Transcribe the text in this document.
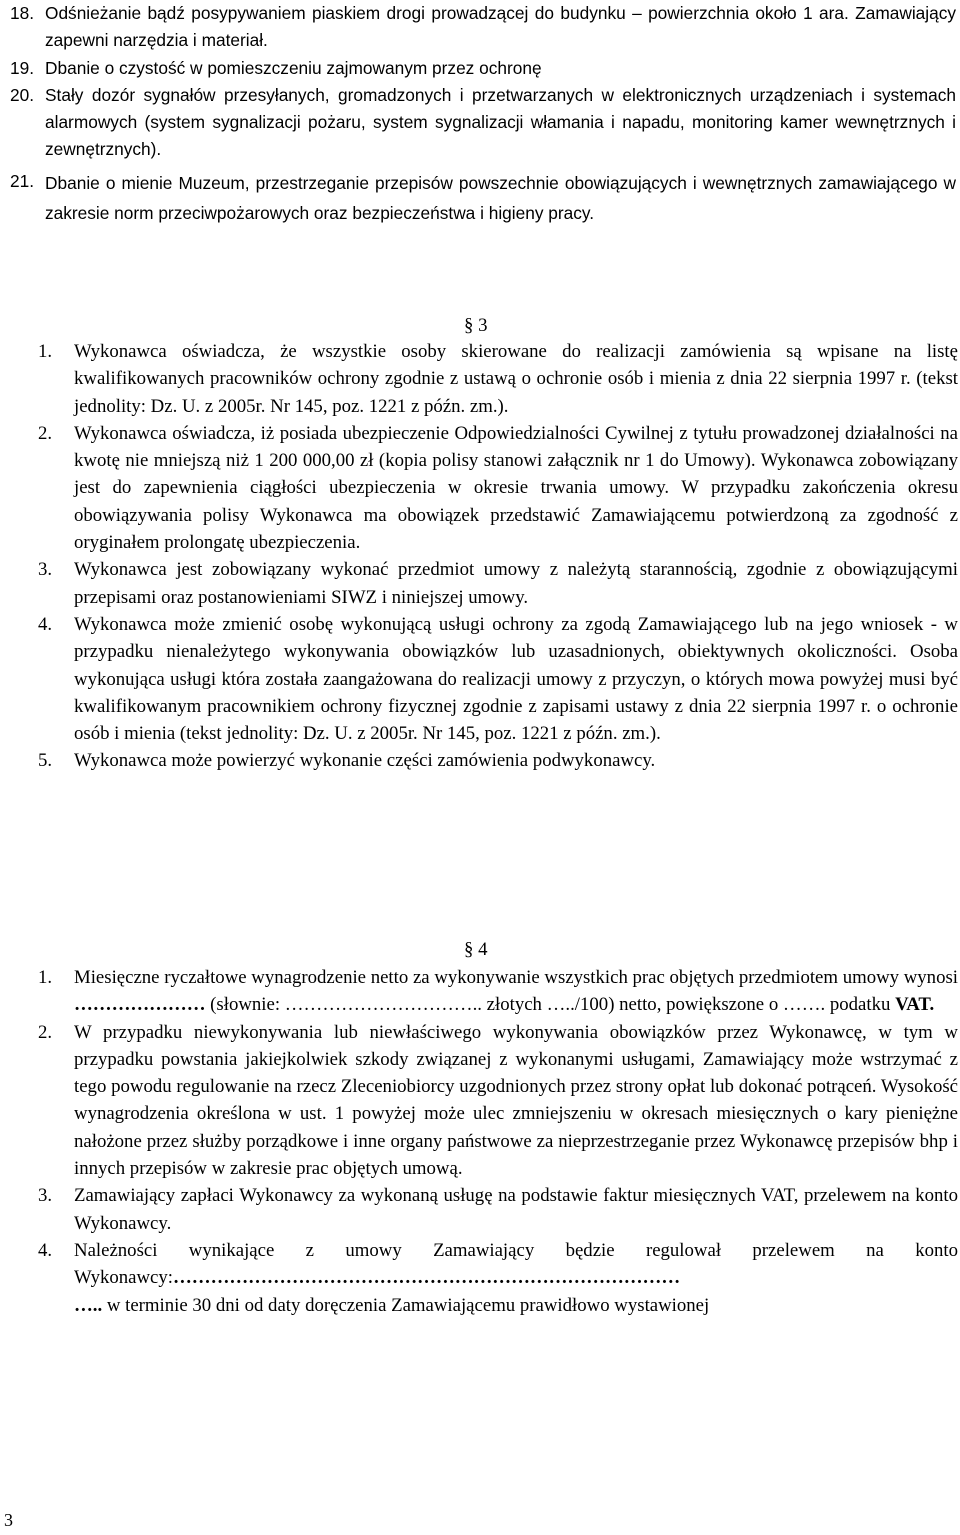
18. Odśnieżanie bądź posypywaniem piaskiem drogi prowadzącej do budynku – powierzchnia około 1 ara. Zamawiający zapewni narzędzia i materiał.
19. Dbanie o czystość w pomieszczeniu zajmowanym przez ochronę
20. Stały dozór sygnałów przesyłanych, gromadzonych i przetwarzanych w elektronicznych urządzeniach i systemach alarmowych (system sygnalizacji pożaru, system sygnalizacji włamania i napadu, monitoring kamer wewnętrznych i zewnętrznych).
21. Dbanie o mienie Muzeum, przestrzeganie przepisów powszechnie obowiązujących i wewnętrznych zamawiającego w zakresie norm przeciwpożarowych oraz bezpieczeństwa i higieny pracy.
§ 3
1. Wykonawca oświadcza, że wszystkie osoby skierowane do realizacji zamówienia są wpisane na listę kwalifikowanych pracowników ochrony zgodnie z ustawą o ochronie osób i mienia z dnia 22 sierpnia 1997 r. (tekst jednolity: Dz. U. z 2005r. Nr 145, poz. 1221 z późn. zm.).
2. Wykonawca oświadcza, iż posiada ubezpieczenie Odpowiedzialności Cywilnej z tytułu prowadzonej działalności na kwotę nie mniejszą niż 1 200 000,00 zł (kopia polisy stanowi załącznik nr 1 do Umowy). Wykonawca zobowiązany jest do zapewnienia ciągłości ubezpieczenia w okresie trwania umowy. W przypadku zakończenia okresu obowiązywania polisy Wykonawca ma obowiązek przedstawić Zamawiającemu potwierdzoną za zgodność z oryginałem prolongatę ubezpieczenia.
3. Wykonawca jest zobowiązany wykonać przedmiot umowy z należytą starannością, zgodnie z obowiązującymi przepisami oraz postanowieniami SIWZ i niniejszej umowy.
4. Wykonawca może zmienić osobę wykonującą usługi ochrony za zgodą Zamawiającego lub na jego wniosek - w przypadku nienależytego wykonywania obowiązków lub uzasadnionych, obiektywnych okoliczności. Osoba wykonująca usługi która została zaangażowana do realizacji umowy z przyczyn, o których mowa powyżej musi być kwalifikowanym pracownikiem ochrony fizycznej zgodnie z zapisami ustawy z dnia 22 sierpnia 1997 r. o ochronie osób i mienia (tekst jednolity: Dz. U. z 2005r. Nr 145, poz. 1221 z późn. zm.).
5. Wykonawca może powierzyć wykonanie części zamówienia podwykonawcy.
§ 4
1. Miesięczne ryczałtowe wynagrodzenie netto za wykonywanie wszystkich prac objętych przedmiotem umowy wynosi ………………… (słownie: ………………………….. złotych …../100) netto, powiększone o ……. podatku VAT.
2. W przypadku niewykonywania lub niewłaściwego wykonywania obowiązków przez Wykonawcę, w tym w przypadku powstania jakiejkolwiek szkody związanej z wykonanymi usługami, Zamawiający może wstrzymać z tego powodu regulowanie na rzecz Zleceniobiorcy uzgodnionych przez strony opłat lub dokonać potrąceń. Wysokość wynagrodzenia określona w ust. 1 powyżej może ulec zmniejszeniu w okresach miesięcznych o kary pieniężne nałożone przez służby porządkowe i inne organy państwowe za nieprzestrzeganie przez Wykonawcę przepisów bhp i innych przepisów w zakresie prac objętych umową.
3. Zamawiający zapłaci Wykonawcy za wykonaną usługę na podstawie faktur miesięcznych VAT, przelewem na konto Wykonawcy.
4. Należności wynikające z umowy Zamawiający będzie regulował przelewem na konto Wykonawcy:………………………………………………………………………
….. w terminie 30 dni od daty doręczenia Zamawiającemu prawidłowo wystawionej
3
